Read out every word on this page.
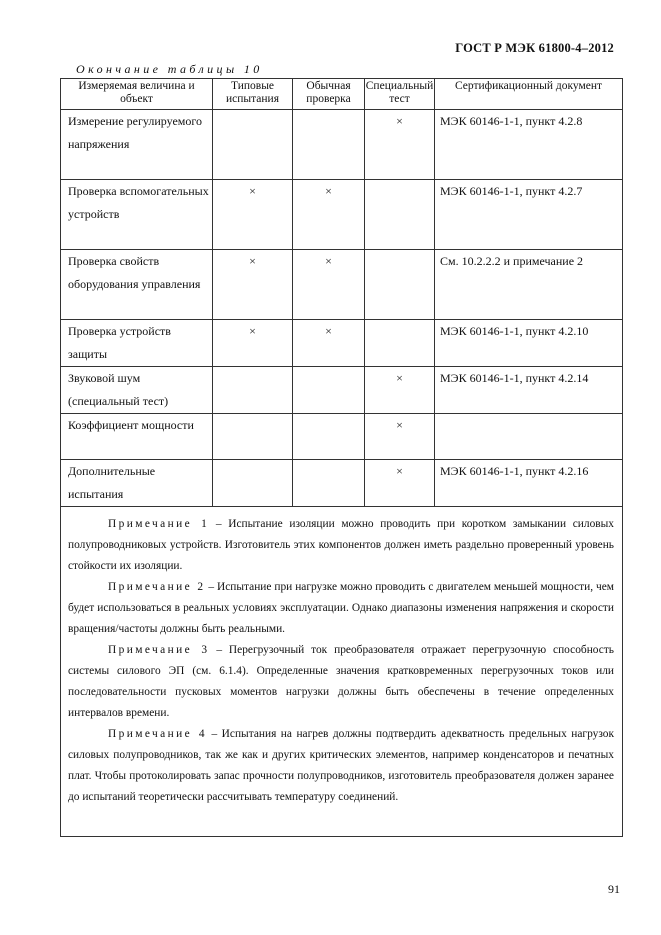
ГОСТ Р МЭК 61800-4–2012
Окончание таблицы 10
Измеряемая величина и объект	Типовые испытания	Обычная проверка	Специальный тест	Сертификационный документ
Измерение регулируемого напряжения			×	МЭК 60146-1-1, пункт 4.2.8
Проверка вспомогательных устройств	×	×		МЭК 60146-1-1, пункт 4.2.7
Проверка свойств оборудования управления	×	×		См. 10.2.2.2 и примечание 2
Проверка устройств защиты	×	×		МЭК 60146-1-1, пункт 4.2.10
Звуковой шум (специальный тест)			×	МЭК 60146-1-1, пункт 4.2.14
Коэффициент мощности			×	
Дополнительные испытания			×	МЭК 60146-1-1, пункт 4.2.16

Примечание 1 – Испытание изоляции можно проводить при коротком замыкании силовых полупроводниковых устройств. Изготовитель этих компонентов должен иметь раздельно проверенный уровень стойкости их изоляции.

Примечание 2 – Испытание при нагрузке можно проводить с двигателем меньшей мощности, чем будет использоваться в реальных условиях эксплуатации. Однако диапазоны изменения напряжения и скорости вращения/частоты должны быть реальными.

Примечание 3 – Перегрузочный ток преобразователя отражает перегрузочную способность системы силового ЭП (см. 6.1.4). Определенные значения кратковременных перегрузочных токов или последовательности пусковых моментов нагрузки должны быть обеспечены в течение определенных интервалов времени.

Примечание 4 – Испытания на нагрев должны подтвердить адекватность предельных нагрузок силовых полупроводников, так же как и других критических элементов, например конденсаторов и печатных плат. Чтобы протоколировать запас прочности полупроводников, изготовитель преобразователя должен заранее до испытаний теоретически рассчитывать температуру соединений.				

91
